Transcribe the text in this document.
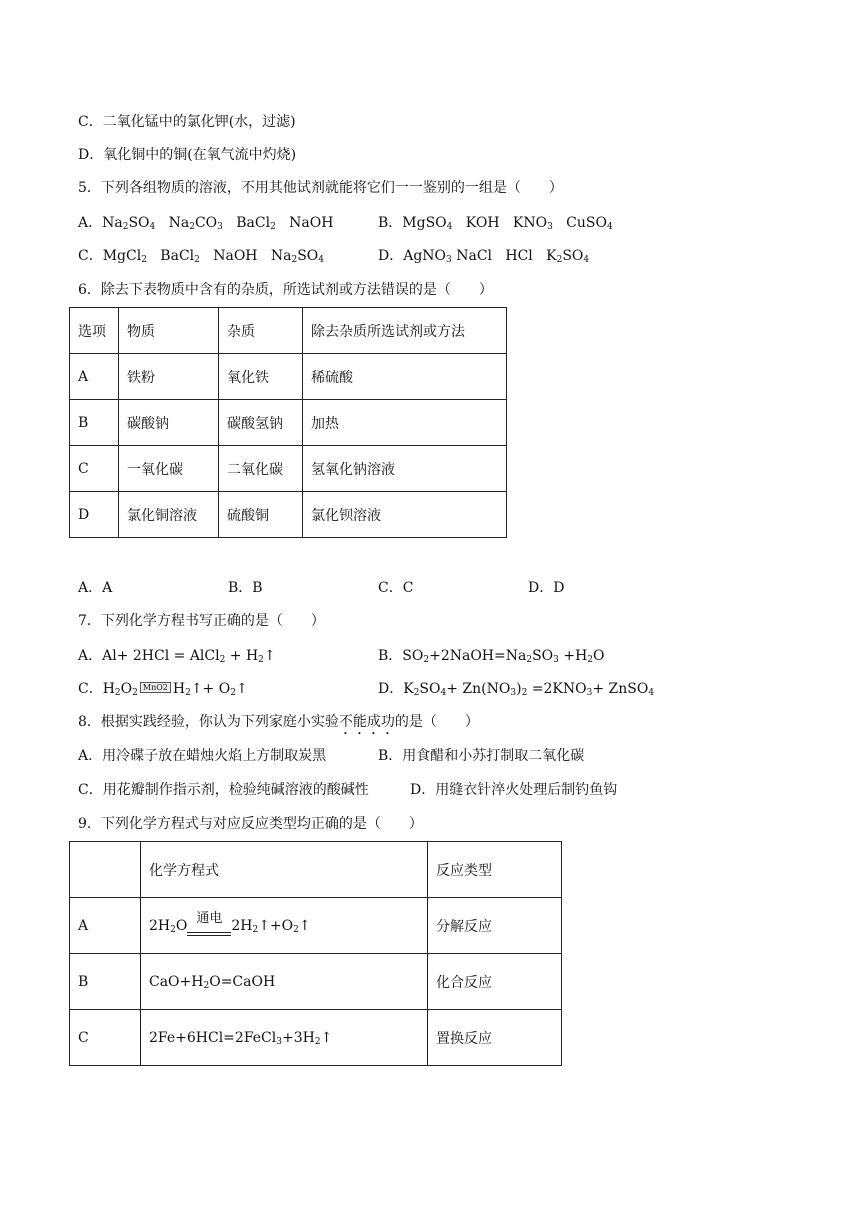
C．二氧化锰中的氯化钾(水，过滤)
D．氧化铜中的铜(在氧气流中灼烧)
5．下列各组物质的溶液，不用其他试剂就能将它们一一鉴别的一组是（　　）
A．$Na_2SO_4$   $Na_2CO_3$   BaCl$_2$   NaOH	B．MgSO$_4$   KOH   $KNO_3$   CuSO$_4$
C．MgCl$_2$   BaCl$_2$   NaOH   $Na_2SO_4$	D．AgNO$_3$ NaCl   HCl   $K_2SO_4$
6．除去下表物质中含有的杂质，所选试剂或方法错误的是（　　）
选项	物质	杂质	除去杂质所选试剂或方法
A	铁粉	氧化铁	稀硫酸
B	碳酸钠	碳酸氢钠	加热
C	一氧化碳	二氧化碳	氢氧化钠溶液
D	氯化铜溶液	硫酸铜	氯化钡溶液
A．A	B．B	C．C	D．D
7．下列化学方程书写正确的是（　　）
A．Al+ 2HCl = AlCl$_2$ + $H_2↑$	B．$SO_2+2NaOH=Na_2SO_3 +H_2O$
C．$H_2O_2MnO2$ $H_2↑+$ $O_2↑$	D．$K_2SO_4+ Zn(NO_3)_2 =2KNO_3+$ ZnSO$_4$
8．根据实践经验，你认为下列家庭小实验不能成功的是（　　）
A．用冷碟子放在蜡烛火焰上方制取炭黑	B．用食醋和小苏打制取二氧化碳
C．用花瓣制作指示剂，检验纯碱溶液的酸碱性	D．用缝衣针淬火处理后制钓鱼钩
9．下列化学方程式与对应反应类型均正确的是（　　）
	化学方程式	反应类型
A	$2H_2O$ 通电 $2H_2↑+O_2↑$	分解反应
B	$CaO+H_2O=CaOH$	化合反应
C	$2Fe+6HCl=2FeCl_3+3H_2↑$	置换反应
